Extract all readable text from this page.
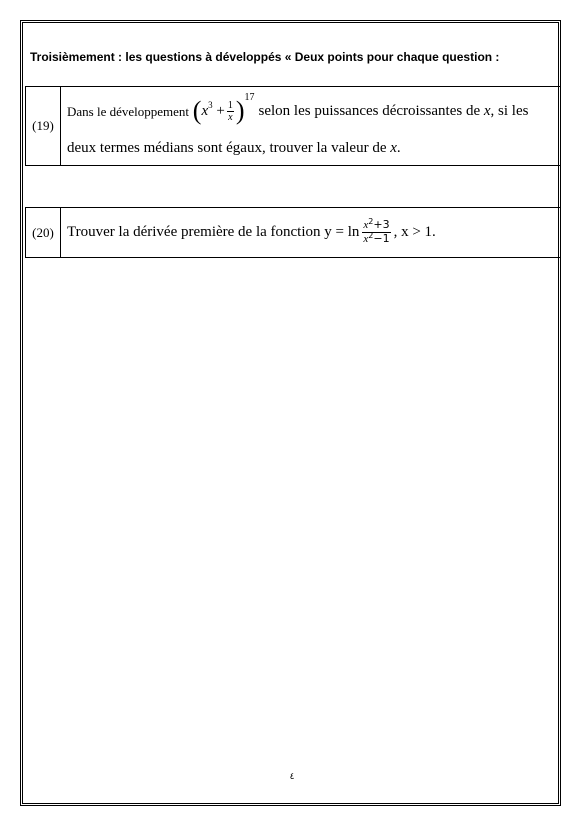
Troisièmement : les questions à développés « Deux points pour chaque question :
(19)
Dans le développement
( x 3
+ $\frac{1}{x}$ ) 17
selon les puissances décroissantes de
x , si les
deux termes médians sont égaux, trouver la valeur de
x .
(20) Trouver la dérivée première de la fonction $y = \ln \frac{x^2+3}{x^2-1}$ , x > 1.
٤
